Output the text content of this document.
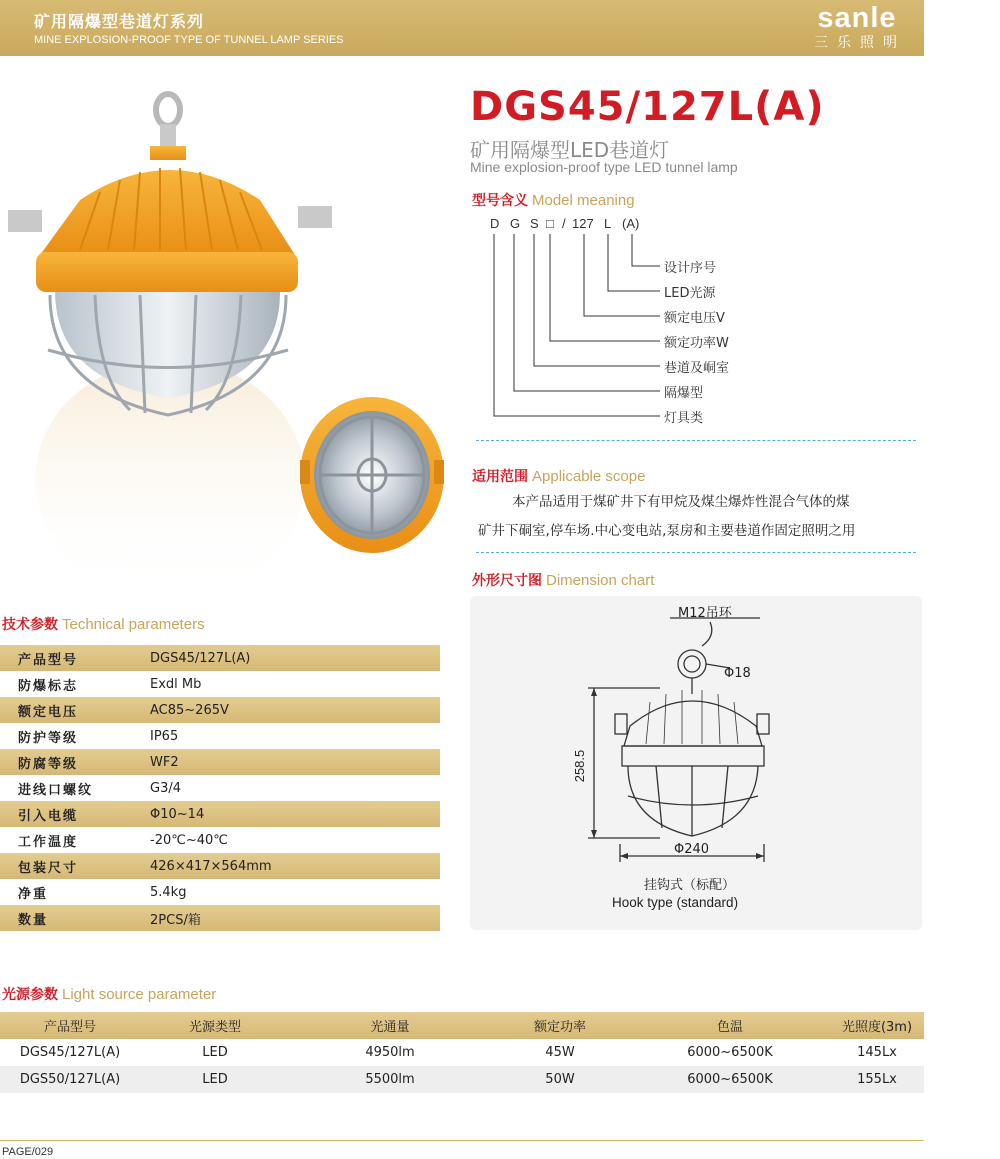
矿用隔爆型巷道灯系列
MINE EXPLOSION-PROOF TYPE OF TUNNEL LAMP SERIES
sanle
三乐照明
DGS45/127L(A)
矿用隔爆型LED巷道灯
Mine explosion-proof type LED tunnel lamp
型号含义 Model meaning
D G S □ / 127 L (A)
设计序号
LED光源
额定电压V
额定功率W
巷道及峒室
隔爆型
灯具类
适用范围 Applicable scope

本产品适用于煤矿井下有甲烷及煤尘爆炸性混合气体的煤

矿井下硐室,停车场.中心变电站,泵房和主要巷道作固定照明之用
外形尺寸图 Dimension chart
258.5
M12吊环
Φ18
Φ240
挂钩式（标配）
Hook type (standard)
技术参数 Technical parameters
产品型号	DGS45/127L(A)
防爆标志	Exdl Mb
额定电压	AC85~265V
防护等级	IP65
防腐等级	WF2
进线口螺纹	G3/4
引入电缆	Φ10~14
工作温度	-20℃~40℃
包装尺寸	426×417×564mm
净重	5.4kg
数量	2PCS/箱
光源参数 Light source parameter
产品型号	光源类型	光通量	额定功率	色温	光照度(3m)
DGS45/127L(A)	LED	4950lm	45W	6000~6500K	145Lx
DGS50/127L(A)	LED	5500lm	50W	6000~6500K	155Lx
PAGE/029
